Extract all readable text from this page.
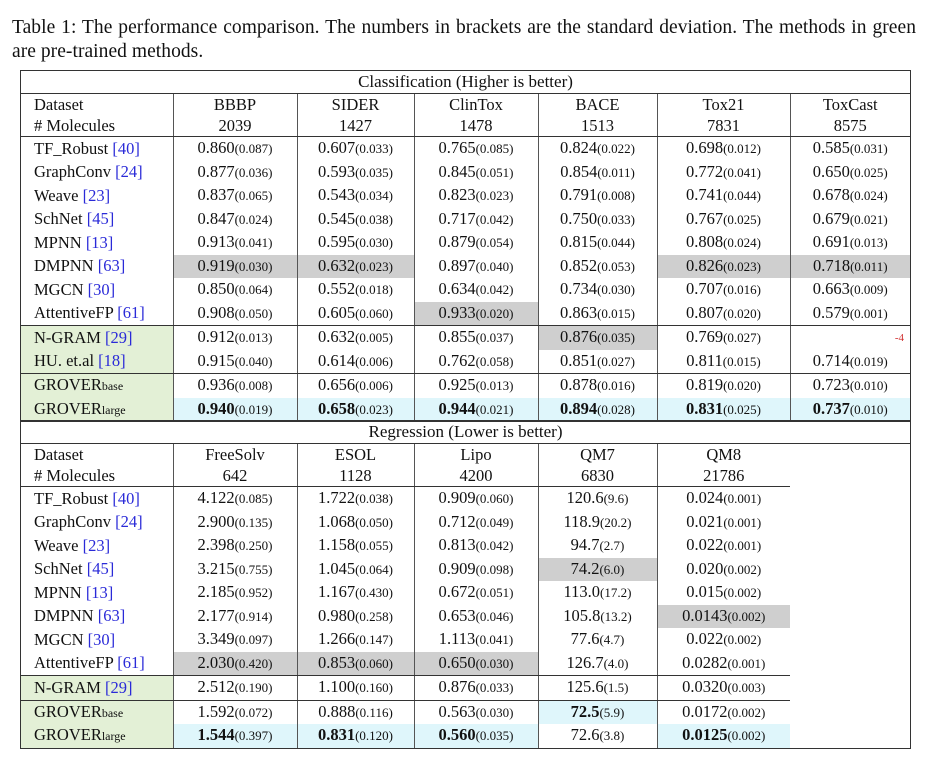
Table 1: The performance comparison. The numbers in brackets are the standard deviation. The methods in green are pre-trained methods.
Classification (Higher is better)
Dataset	BBBP	SIDER	ClinTox	BACE	Tox21	ToxCast
# Molecules	2039	1427	1478	1513	7831	8575
TF_Robust [40]	0.860(0.087)	0.607(0.033)	0.765(0.085)	0.824(0.022)	0.698(0.012)	0.585(0.031)
GraphConv [24]	0.877(0.036)	0.593(0.035)	0.845(0.051)	0.854(0.011)	0.772(0.041)	0.650(0.025)
Weave [23]	0.837(0.065)	0.543(0.034)	0.823(0.023)	0.791(0.008)	0.741(0.044)	0.678(0.024)
SchNet [45]	0.847(0.024)	0.545(0.038)	0.717(0.042)	0.750(0.033)	0.767(0.025)	0.679(0.021)
MPNN [13]	0.913(0.041)	0.595(0.030)	0.879(0.054)	0.815(0.044)	0.808(0.024)	0.691(0.013)
DMPNN [63]	0.919(0.030)	0.632(0.023)	0.897(0.040)	0.852(0.053)	0.826(0.023)	0.718(0.011)
MGCN [30]	0.850(0.064)	0.552(0.018)	0.634(0.042)	0.734(0.030)	0.707(0.016)	0.663(0.009)
AttentiveFP [61]	0.908(0.050)	0.605(0.060)	0.933(0.020)	0.863(0.015)	0.807(0.020)	0.579(0.001)
N-GRAM [29]	0.912(0.013)	0.632(0.005)	0.855(0.037)	0.876(0.035)	0.769(0.027)	$^{-4}$
HU. et.al [18]	0.915(0.040)	0.614(0.006)	0.762(0.058)	0.851(0.027)	0.811(0.015)	0.714(0.019)
GROVERbase	0.936(0.008)	0.656(0.006)	0.925(0.013)	0.878(0.016)	0.819(0.020)	0.723(0.010)
GROVERlarge	0.940(0.019)	0.658(0.023)	0.944(0.021)	0.894(0.028)	0.831(0.025)	0.737(0.010)
Regression (Lower is better)
Dataset	FreeSolv	ESOL	Lipo	QM7	QM8
# Molecules	642	1128	4200	6830	21786
TF_Robust [40]	4.122(0.085)	1.722(0.038)	0.909(0.060)	120.6(9.6)	0.024(0.001)
GraphConv [24]	2.900(0.135)	1.068(0.050)	0.712(0.049)	118.9(20.2)	0.021(0.001)
Weave [23]	2.398(0.250)	1.158(0.055)	0.813(0.042)	94.7(2.7)	0.022(0.001)
SchNet [45]	3.215(0.755)	1.045(0.064)	0.909(0.098)	74.2(6.0)	0.020(0.002)
MPNN [13]	2.185(0.952)	1.167(0.430)	0.672(0.051)	113.0(17.2)	0.015(0.002)
DMPNN [63]	2.177(0.914)	0.980(0.258)	0.653(0.046)	105.8(13.2)	0.0143(0.002)
MGCN [30]	3.349(0.097)	1.266(0.147)	1.113(0.041)	77.6(4.7)	0.022(0.002)
AttentiveFP [61]	2.030(0.420)	0.853(0.060)	0.650(0.030)	126.7(4.0)	0.0282(0.001)
N-GRAM [29]	2.512(0.190)	1.100(0.160)	0.876(0.033)	125.6(1.5)	0.0320(0.003)
GROVERbase	1.592(0.072)	0.888(0.116)	0.563(0.030)	72.5(5.9)	0.0172(0.002)
GROVERlarge	1.544(0.397)	0.831(0.120)	0.560(0.035)	72.6(3.8)	0.0125(0.002)
